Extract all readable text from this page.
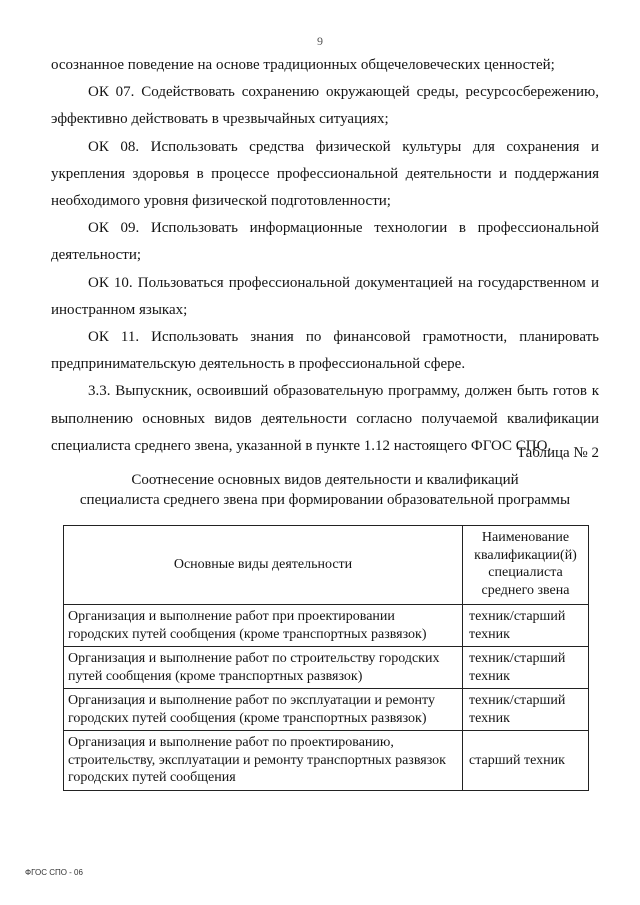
9

осознанное поведение на основе традиционных общечеловеческих ценностей;

ОК 07. Содействовать сохранению окружающей среды, ресурсосбережению, эффективно действовать в чрезвычайных ситуациях;

ОК 08. Использовать средства физической культуры для сохранения и укрепления здоровья в процессе профессиональной деятельности и поддержания необходимого уровня физической подготовленности;

ОК 09. Использовать информационные технологии в профессиональной деятельности;

ОК 10. Пользоваться профессиональной документацией на государственном и иностранном языках;

ОК 11. Использовать знания по финансовой грамотности, планировать предпринимательскую деятельность в профессиональной сфере.

3.3. Выпускник, освоивший образовательную программу, должен быть готов к выполнению основных видов деятельности согласно получаемой квалификации специалиста среднего звена, указанной в пункте 1.12 настоящего ФГОС СПО.

Таблица № 2
Соотнесение основных видов деятельности и квалификаций
специалиста среднего звена при формировании образовательной программы
Основные виды деятельности	Наименование квалификации(й) специалиста среднего звена
Организация и выполнение работ при проектировании городских путей сообщения (кроме транспортных развязок)	техник/старший техник
Организация и выполнение работ по строительству городских путей сообщения (кроме транспортных развязок)	техник/старший техник
Организация и выполнение работ по эксплуатации и ремонту городских путей сообщения (кроме транспортных развязок)	техник/старший техник
Организация и выполнение работ по проектированию, строительству, эксплуатации и ремонту транспортных развязок городских путей сообщения	старший техник
ФГОС СПО - 06
